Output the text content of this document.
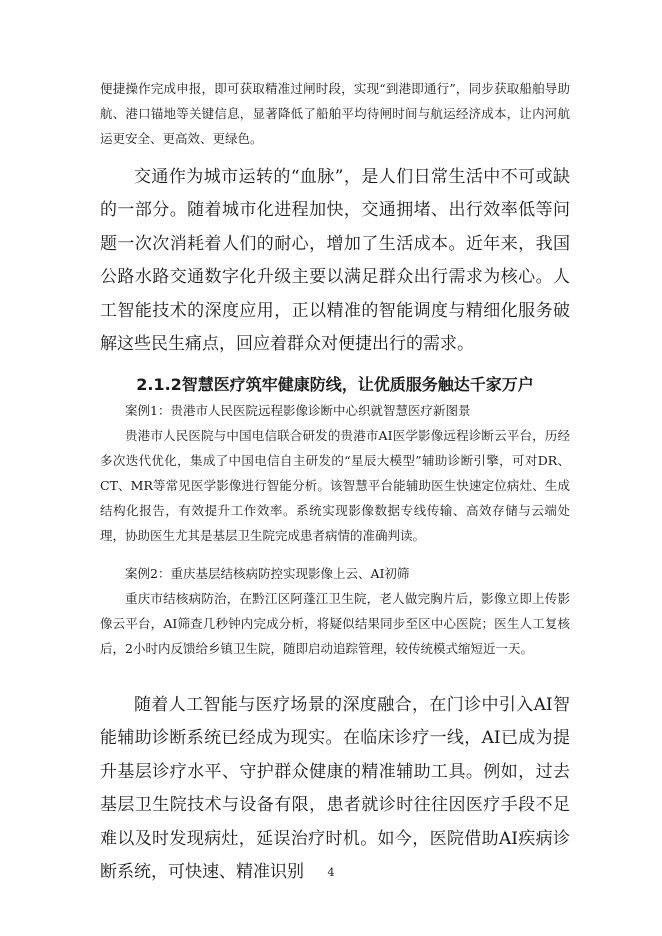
便捷操作完成申报，即可获取精准过闸时段，实现“到港即通行”，同步获取船舶导助航、港口锚地等关键信息，显著降低了船舶平均待闸时间与航运经济成本，让内河航运更安全、更高效、更绿色。

交通作为城市运转的“血脉”，是人们日常生活中不可或缺的一部分。随着城市化进程加快，交通拥堵、出行效率低等问题一次次消耗着人们的耐心，增加了生活成本。近年来，我国公路水路交通数字化升级主要以满足群众出行需求为核心。人工智能技术的深度应用，正以精准的智能调度与精细化服务破解这些民生痛点，回应着群众对便捷出行的需求。

2.1.2智慧医疗筑牢健康防线，让优质服务触达千家万户

案例1：贵港市人民医院远程影像诊断中心织就智慧医疗新图景

贵港市人民医院与中国电信联合研发的贵港市AI医学影像远程诊断云平台，历经多次迭代优化，集成了中国电信自主研发的“星辰大模型”辅助诊断引擎，可对DR、CT、MR等常见医学影像进行智能分析。该智慧平台能辅助医生快速定位病灶、生成结构化报告，有效提升工作效率。系统实现影像数据专线传输、高效存储与云端处理，协助医生尤其是基层卫生院完成患者病情的准确判读。

案例2：重庆基层结核病防控实现影像上云、AI初筛

重庆市结核病防治，在黔江区阿蓬江卫生院，老人做完胸片后，影像立即上传影像云平台，AI筛查几秒钟内完成分析，将疑似结果同步至区中心医院；医生人工复核后，2小时内反馈给乡镇卫生院，随即启动追踪管理，较传统模式缩短近一天。

随着人工智能与医疗场景的深度融合，在门诊中引入AI智能辅助诊断系统已经成为现实。在临床诊疗一线，AI已成为提升基层诊疗水平、守护群众健康的精准辅助工具。例如，过去基层卫生院技术与设备有限，患者就诊时往往因医疗手段不足难以及时发现病灶，延误治疗时机。如今，医院借助AI疾病诊断系统，可快速、精准识别	4
